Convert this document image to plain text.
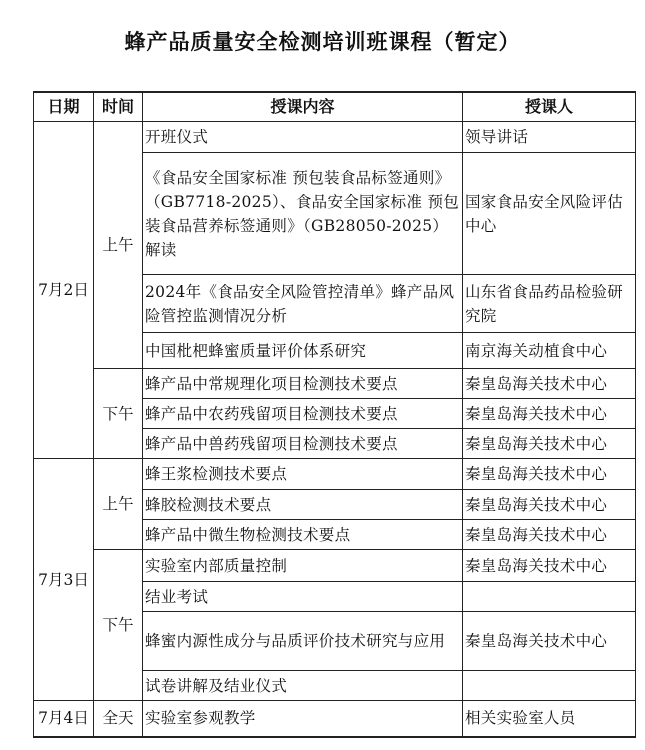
蜂产品质量安全检测培训班课程（暂定）
日期	时间	授课内容	授课人
7月2日	上午	开班仪式	领导讲话
		《食品安全国家标准 预包装食品标签通则》（GB7718-2025）、食品安全国家标准 预包装食品营养标签通则》（GB28050-2025）解读	国家食品安全风险评估中心
		2024年《食品安全风险管控清单》蜂产品风险管控监测情况分析	山东省食品药品检验研究院
		中国枇杷蜂蜜质量评价体系研究	南京海关动植食中心
	下午	蜂产品中常规理化项目检测技术要点	秦皇岛海关技术中心
		蜂产品中农药残留项目检测技术要点	秦皇岛海关技术中心
		蜂产品中兽药残留项目检测技术要点	秦皇岛海关技术中心
7月3日	上午	蜂王浆检测技术要点	秦皇岛海关技术中心
		蜂胶检测技术要点	秦皇岛海关技术中心
		蜂产品中微生物检测技术要点	秦皇岛海关技术中心
	下午	实验室内部质量控制	秦皇岛海关技术中心
		结业考试	
		蜂蜜内源性成分与品质评价技术研究与应用	秦皇岛海关技术中心
		试卷讲解及结业仪式	
7月4日	全天	实验室参观教学	相关实验室人员
